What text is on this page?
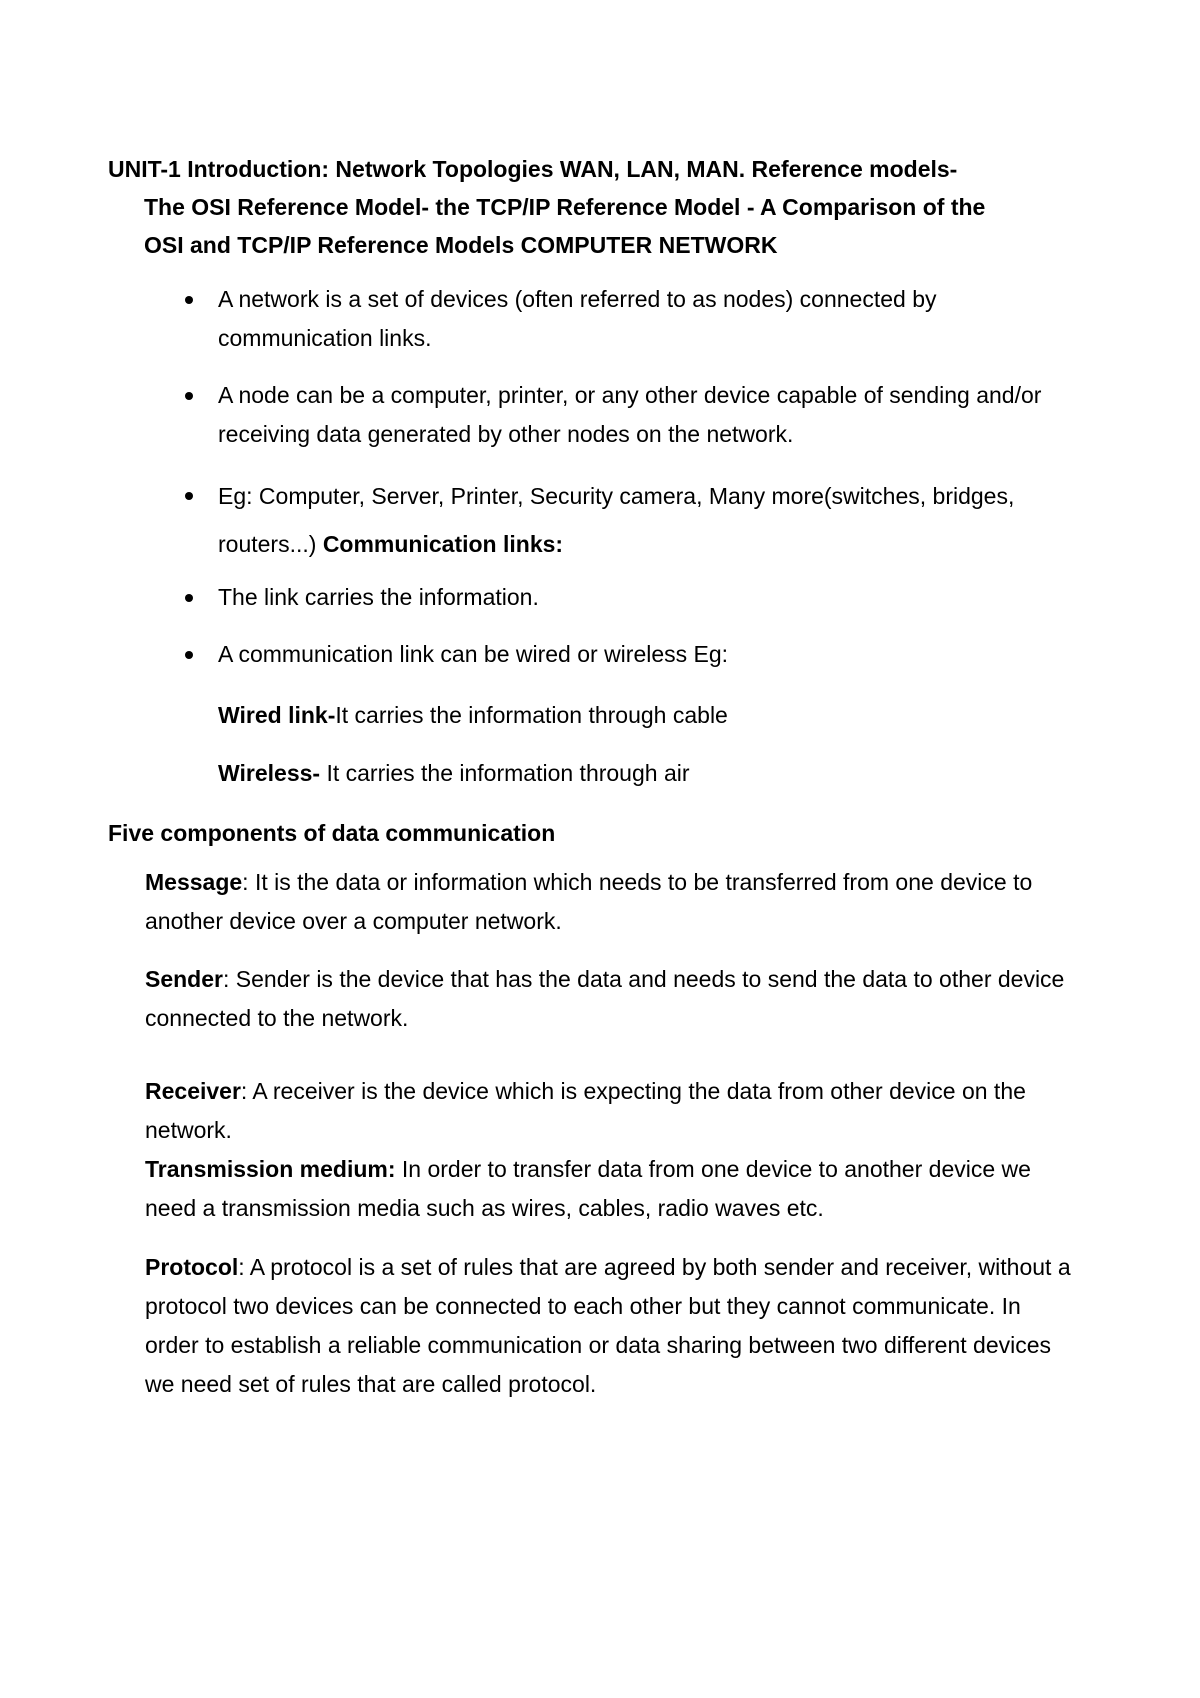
UNIT-1 Introduction: Network Topologies WAN, LAN, MAN. Reference models-
The OSI Reference Model- the TCP/IP Reference Model - A Comparison of the
OSI and TCP/IP Reference Models COMPUTER NETWORK
A network is a set of devices (often referred to as nodes) connected by communication links.
A node can be a computer, printer, or any other device capable of sending and/or receiving data generated by other nodes on the network.
Eg: Computer, Server, Printer, Security camera, Many more(switches, bridges, routers...) Communication links:
The link carries the information.
A communication link can be wired or wireless Eg:
Wired link-It carries the information through cable
Wireless- It carries the information through air
Five components of data communication
Message: It is the data or information which needs to be transferred from one device to another device over a computer network.
Sender: Sender is the device that has the data and needs to send the data to other device connected to the network.
Receiver: A receiver is the device which is expecting the data from other device on the network.
Transmission medium: In order to transfer data from one device to another device we need a transmission media such as wires, cables, radio waves etc.
Protocol: A protocol is a set of rules that are agreed by both sender and receiver, without a protocol two devices can be connected to each other but they cannot communicate. In order to establish a reliable communication or data sharing between two different devices we need set of rules that are called protocol.
